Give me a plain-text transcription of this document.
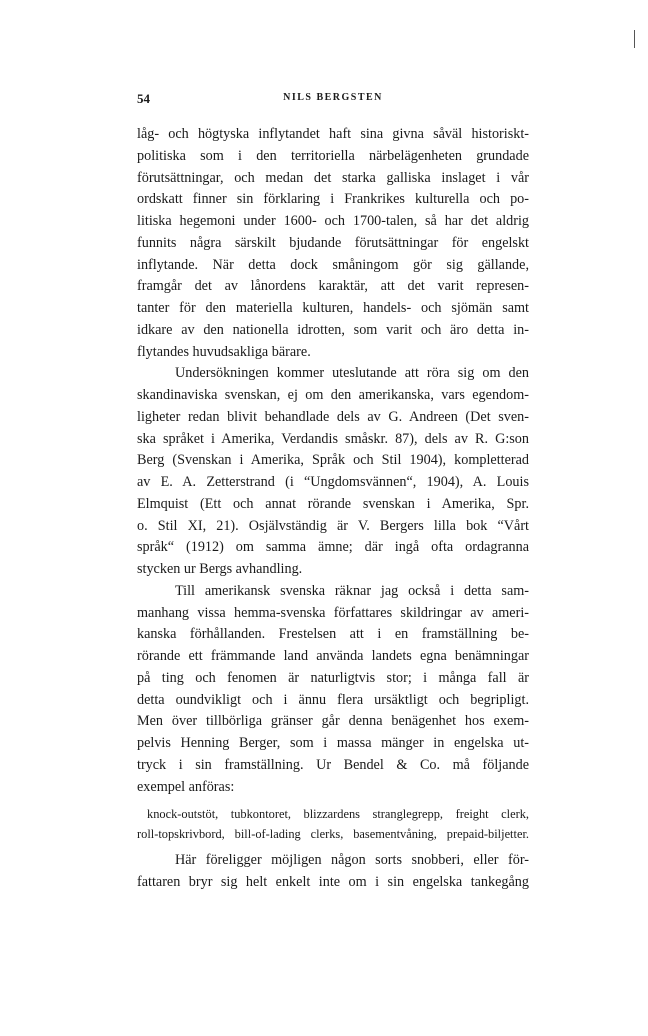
54	NILS BERGSTEN
låg- och högtyska inflytandet haft sina givna såväl historiskt-
politiska som i den territoriella närbelägenheten grundade
förutsättningar, och medan det starka galliska inslaget i vår
ordskatt finner sin förklaring i Frankrikes kulturella och po-
litiska hegemoni under 1600- och 1700-talen, så har det aldrig
funnits några särskilt bjudande förutsättningar för engelskt
inflytande. När detta dock småningom gör sig gällande,
framgår det av lånordens karaktär, att det varit represen-
tanter för den materiella kulturen, handels- och sjömän samt
idkare av den nationella idrotten, som varit och äro detta in-
flytandes huvudsakliga bärare.
Undersökningen kommer uteslutande att röra sig om den
skandinaviska svenskan, ej om den amerikanska, vars egendom-
ligheter redan blivit behandlade dels av G. Andreen (Det sven-
ska språket i Amerika, Verdandis småskr. 87), dels av R. G:son
Berg (Svenskan i Amerika, Språk och Stil 1904), kompletterad
av E. A. Zetterstrand (i “Ungdomsvännen“, 1904), A. Louis
Elmquist (Ett och annat rörande svenskan i Amerika, Spr.
o. Stil XI, 21). Osjälvständig är V. Bergers lilla bok “Vårt
språk“ (1912) om samma ämne; där ingå ofta ordagranna
stycken ur Bergs avhandling.
Till amerikansk svenska räknar jag också i detta sam-
manhang vissa hemma-svenska författares skildringar av ameri-
kanska förhållanden. Frestelsen att i en framställning be-
rörande ett främmande land använda landets egna benämningar
på ting och fenomen är naturligtvis stor; i många fall är
detta oundvikligt och i ännu flera ursäktligt och begripligt.
Men över tillbörliga gränser går denna benägenhet hos exem-
pelvis Henning Berger, som i massa mänger in engelska ut-
tryck i sin framställning. Ur Bendel & Co. må följande
exempel anföras:
knock-outstöt, tubkontoret, blizzardens stranglegrepp, freight clerk,
roll-topskrivbord, bill-of-lading clerks, basementvåning, prepaid-biljetter.
Här föreligger möjligen någon sorts snobberi, eller för-
fattaren bryr sig helt enkelt inte om i sin engelska tankegång
